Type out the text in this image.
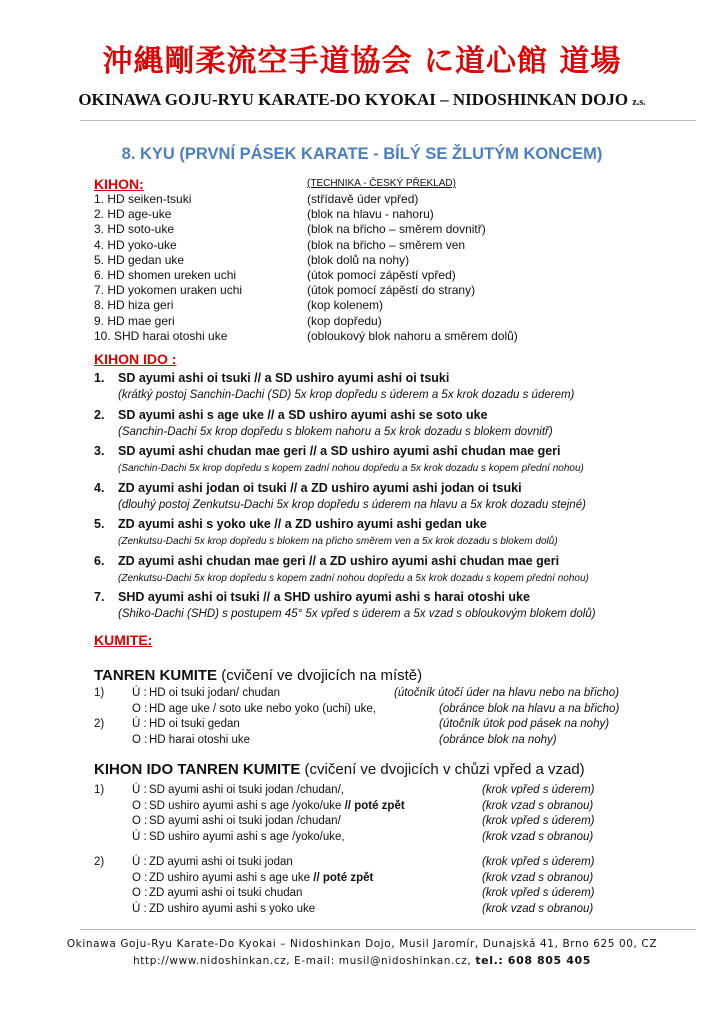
沖縄剛柔流空手道協会 に道心館 道場
OKINAWA GOJU-RYU KARATE-DO KYOKAI – NIDOSHINKAN DOJO z.s.
8. KYU (PRVNÍ PÁSEK KARATE - BÍLÝ SE ŽLUTÝM KONCEM)
KIHON:	(TECHNIKA - ČESKÝ PŘEKLAD)
1. HD seiken-tsuki	(střídavě úder vpřed)
2. HD age-uke	(blok na hlavu - nahoru)
3. HD soto-uke	(blok na břicho – směrem dovnitř)
4. HD yoko-uke	(blok na břicho – směrem ven
5. HD gedan uke	(blok dolů na nohy)
6. HD shomen ureken uchi	(útok pomocí zápěstí vpřed)
7. HD yokomen uraken uchi	(útok pomocí zápěstí do strany)
8. HD hiza geri	(kop kolenem)
9. HD mae geri	(kop dopředu)
10. SHD harai otoshi uke	(obloukový blok nahoru a směrem dolů)
KIHON IDO :
1. SD ayumi ashi oi tsuki // a SD ushiro ayumi ashi oi tsuki
(krátký postoj Sanchin-Dachi (SD) 5x krop dopředu s úderem a 5x krok dozadu s úderem)
2. SD ayumi ashi s age uke // a SD ushiro ayumi ashi se soto uke
(Sanchin-Dachi 5x krop dopředu s blokem nahoru a 5x krok dozadu s blokem dovnitř)
3. SD ayumi ashi chudan mae geri // a SD ushiro ayumi ashi chudan mae geri
(Sanchin-Dachi 5x krop dopředu s kopem zadní nohou dopředu a 5x krok dozadu s kopem přední nohou)
4. ZD ayumi ashi jodan oi tsuki // a ZD ushiro ayumi ashi jodan oi tsuki
(dlouhý postoj Zenkutsu-Dachi 5x krop dopředu s úderem na hlavu a 5x krok dozadu stejné)
5. ZD ayumi ashi s yoko uke // a ZD ushiro ayumi ashi gedan uke
(Zenkutsu-Dachi 5x krop dopředu s blokem na přicho směrem ven a 5x krok dozadu s blokem dolů)
6. ZD ayumi ashi chudan mae geri // a ZD ushiro ayumi ashi chudan mae geri
(Zenkutsu-Dachi 5x krop dopředu s kopem zadní nohou dopředu a 5x krok dozadu s kopem přední nohou)
7. SHD ayumi ashi oi tsuki // a SHD ushiro ayumi ashi s harai otoshi uke
(Shiko-Dachi (SHD) s postupem 45° 5x vpřed s úderem a 5x vzad s obloukovým blokem dolů)
KUMITE:
TANREN KUMITE (cvičení ve dvojicích na místě)
1) Ú : HD oi tsuki jodan/ chudan	(útočník útočí úder na hlavu nebo na břicho)
O : HD age uke / soto uke nebo yoko (uchi) uke,	(obránce blok na hlavu a na břicho)
2) Ú : HD oi tsuki gedan	(útočník útok pod pásek na nohy)
O : HD harai otoshi uke	(obránce blok na nohy)
KIHON IDO TANREN KUMITE (cvičení ve dvojicích v chůzi vpřed a vzad)
1) Ú : SD ayumi ashi oi tsuki jodan /chudan/,	(krok vpřed s úderem)
O : SD ushiro ayumi ashi s age /yoko/uke // poté zpět	(krok vzad s obranou)
O : SD ayumi ashi oi tsuki jodan /chudan/	(krok vpřed s úderem)
Ú : SD ushiro ayumi ashi s age /yoko/uke,	(krok vzad s obranou)
2) Ú : ZD ayumi ashi oi tsuki jodan	(krok vpřed s úderem)
O : ZD ushiro ayumi ashi s age uke // poté zpět	(krok vzad s obranou)
O : ZD ayumi ashi oi tsuki chudan	(krok vpřed s úderem)
Ú : ZD ushiro ayumi ashi s yoko uke	(krok vzad s obranou)
Okinawa Goju-Ryu Karate-Do Kyokai – Nidoshinkan Dojo, Musil Jaromír, Dunajská 41, Brno 625 00, CZ
http://www.nidoshinkan.cz, E-mail: musil@nidoshinkan.cz, tel.: 608 805 405
